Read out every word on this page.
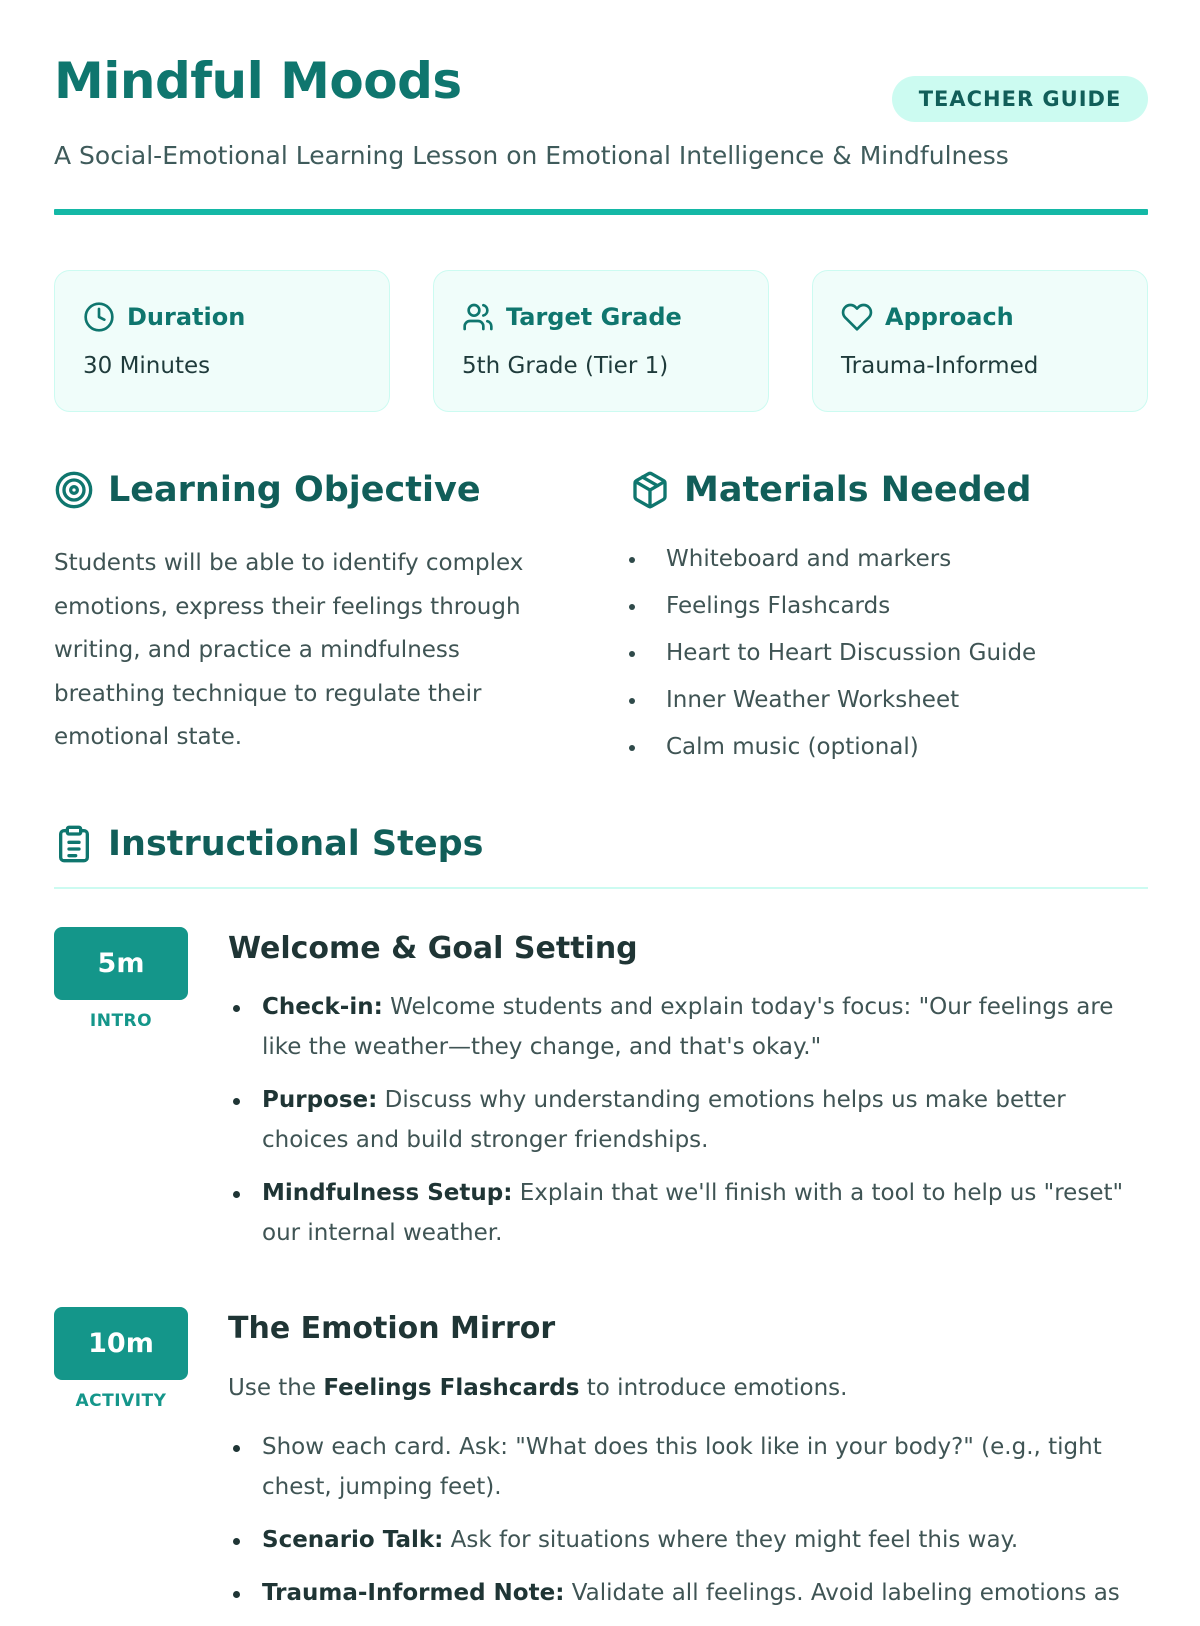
Mindful Moods	TEACHER GUIDE

A Social-Emotional Learning Lesson on Emotional Intelligence & Mindfulness

Duration
30 Minutes
Target Grade
5th Grade (Tier 1)
Approach
Trauma-Informed
Learning Objective

Students will be able to identify complex emotions, express their feelings through writing, and practice a mindfulness breathing technique to regulate their emotional state.

Materials Needed
Whiteboard and markers
Feelings Flashcards
Heart to Heart Discussion Guide
Inner Weather Worksheet
Calm music (optional)
Instructional Steps
5m
INTRO
Welcome & Goal Setting
Check-in: Welcome students and explain today's focus: "Our feelings are like the weather—they change, and that's okay."
Purpose: Discuss why understanding emotions helps us make better choices and build stronger friendships.
Mindfulness Setup: Explain that we'll finish with a tool to help us "reset" our internal weather.
10m
ACTIVITY
The Emotion Mirror

Use the Feelings Flashcards to introduce emotions.

Show each card. Ask: "What does this look like in your body?" (e.g., tight chest, jumping feet).
Scenario Talk: Ask for situations where they might feel this way.
Trauma-Informed Note: Validate all feelings. Avoid labeling emotions as
